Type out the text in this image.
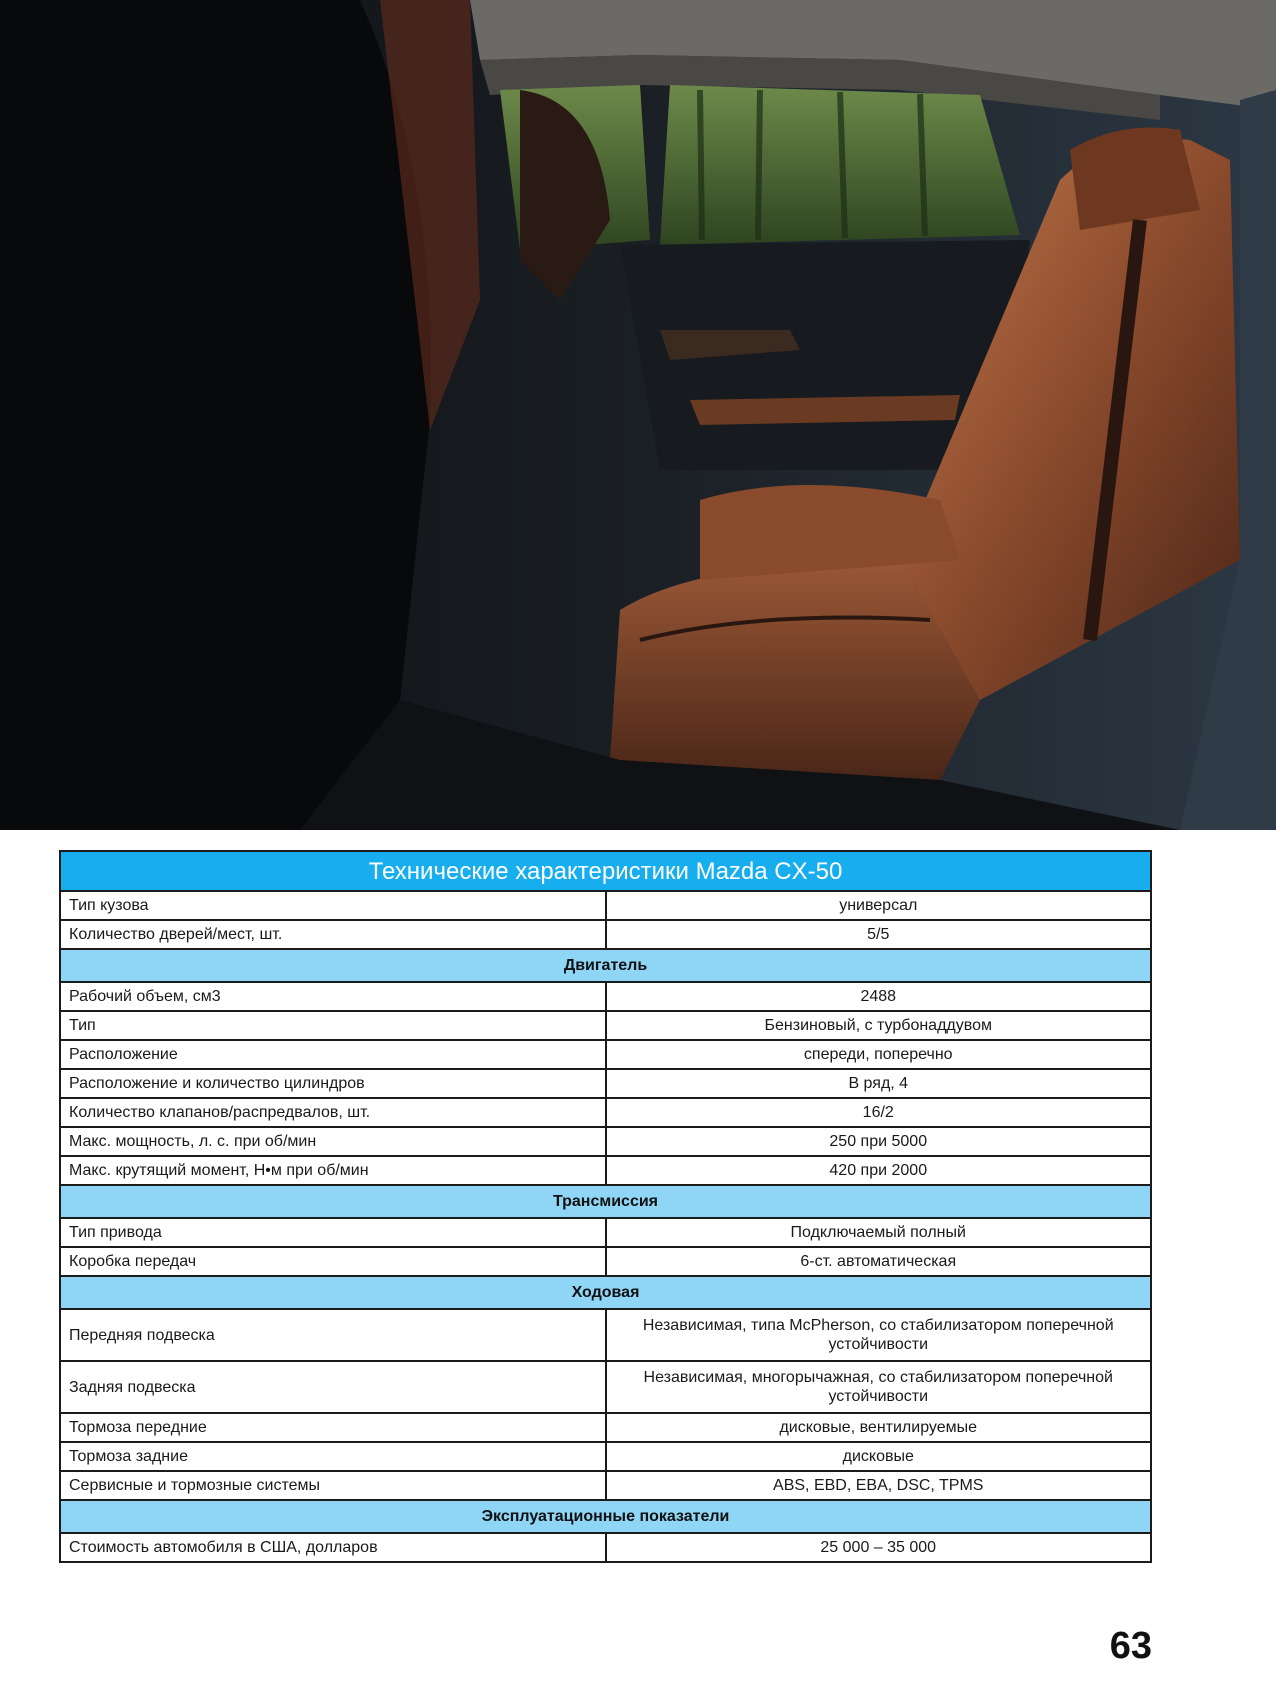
Технические характеристики Mazda CX-50	
Тип кузова	универсал
Количество дверей/мест, шт.	5/5
Двигатель	
Рабочий объем, см3	2488
Тип	Бензиновый, с турбонаддувом
Расположение	спереди, поперечно
Расположение и количество цилиндров	В ряд, 4
Количество клапанов/распредвалов, шт.	16/2
Макс. мощность, л. с. при об/мин	250 при 5000
Макс. крутящий момент, Н•м при об/мин	420 при 2000
Трансмиссия	
Тип привода	Подключаемый полный
Коробка передач	6-ст. автоматическая
Ходовая	
Передняя подвеска	Независимая, типа McPherson, со стабилизатором поперечной устойчивости
Задняя подвеска	Независимая, многорычажная, со стабилизатором поперечной устойчивости
Тормоза передние	дисковые, вентилируемые
Тормоза задние	дисковые
Сервисные и тормозные системы	ABS, EBD, EBA, DSC, TPMS
Эксплуатационные показатели	
Стоимость автомобиля в США, долларов	25 000 – 35 000
63
